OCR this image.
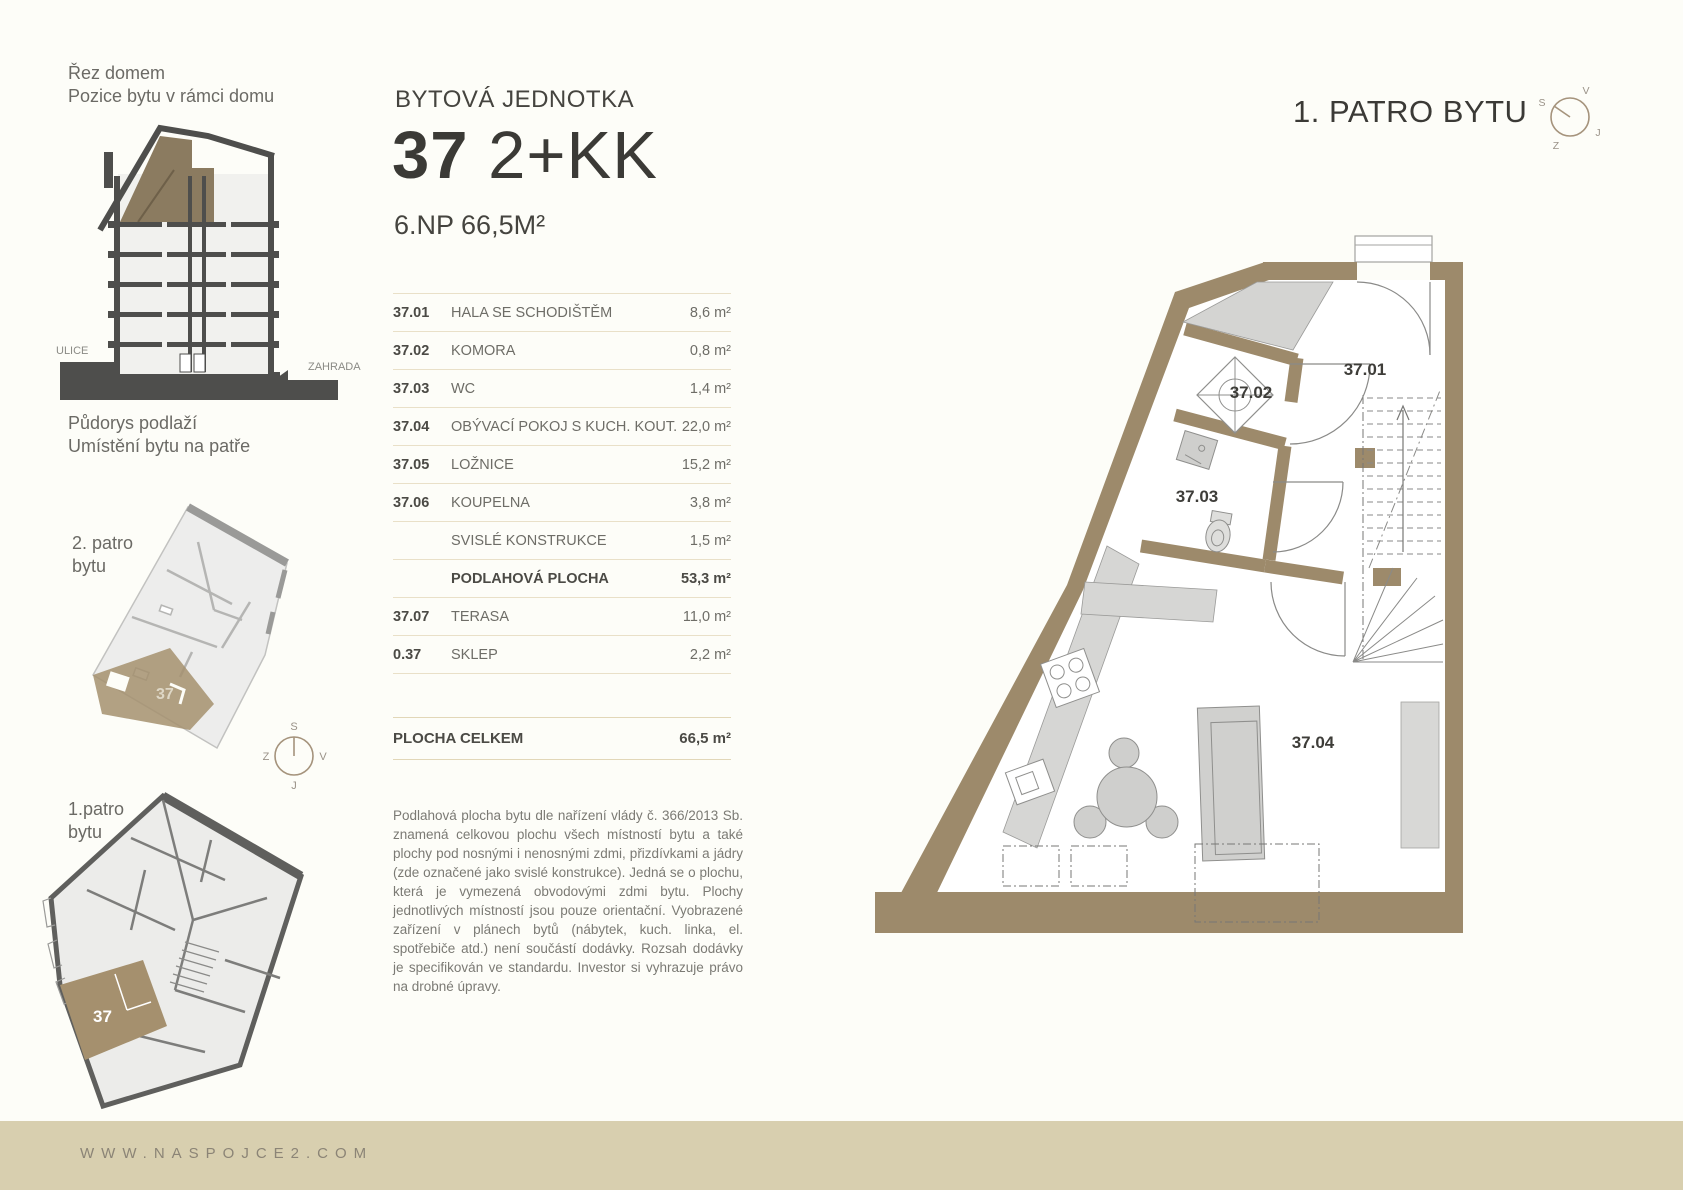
Řez domem
Pozice bytu v rámci domu
ULICE
ZAHRADA
Půdorys podlaží
Umístění bytu na patře
2. patro
bytu
37
S
Z	V
J
1.patro
bytu
37
BYTOVÁ JEDNOTKA
37 2+KK
6.NP 66,5M²
37.01	HALA SE SCHODIŠTĚM	8,6 m²
37.02	KOMORA	0,8 m²
37.03	WC	1,4 m²
37.04	OBÝVACÍ POKOJ S KUCH. KOUT. 22,0 m²
37.05	LOŽNICE	15,2 m²
37.06	KOUPELNA	3,8 m²
SVISLÉ KONSTRUKCE	1,5 m²
PODLAHOVÁ PLOCHA	53,3 m²
37.07	TERASA	11,0 m²
0.37	SKLEP	2,2 m²
PLOCHA CELKEM	66,5 m²
Podlahová plocha bytu dle nařízení vlády č. 366/2013 Sb. znamená celkovou plochu všech místností bytu a také plochy pod nosnými i nenosnými zdmi, přizdívkami a jádry (zde označené jako svislé konstrukce). Jedná se o plochu, která je vymezená obvodovými zdmi bytu. Plochy jednotlivých místností jsou pouze orientační. Vyobrazené zařízení v plánech bytů (nábytek, kuch. linka, el. spotřebiče atd.) není součástí dodávky. Rozsah dodávky je specifikován ve standardu. Investor si vyhrazuje právo na drobné úpravy.
1. PATRO BYTU S
V
J
Z
37.01
37.02
37.03
37.04
WWW.NASPOJCE2.COM
